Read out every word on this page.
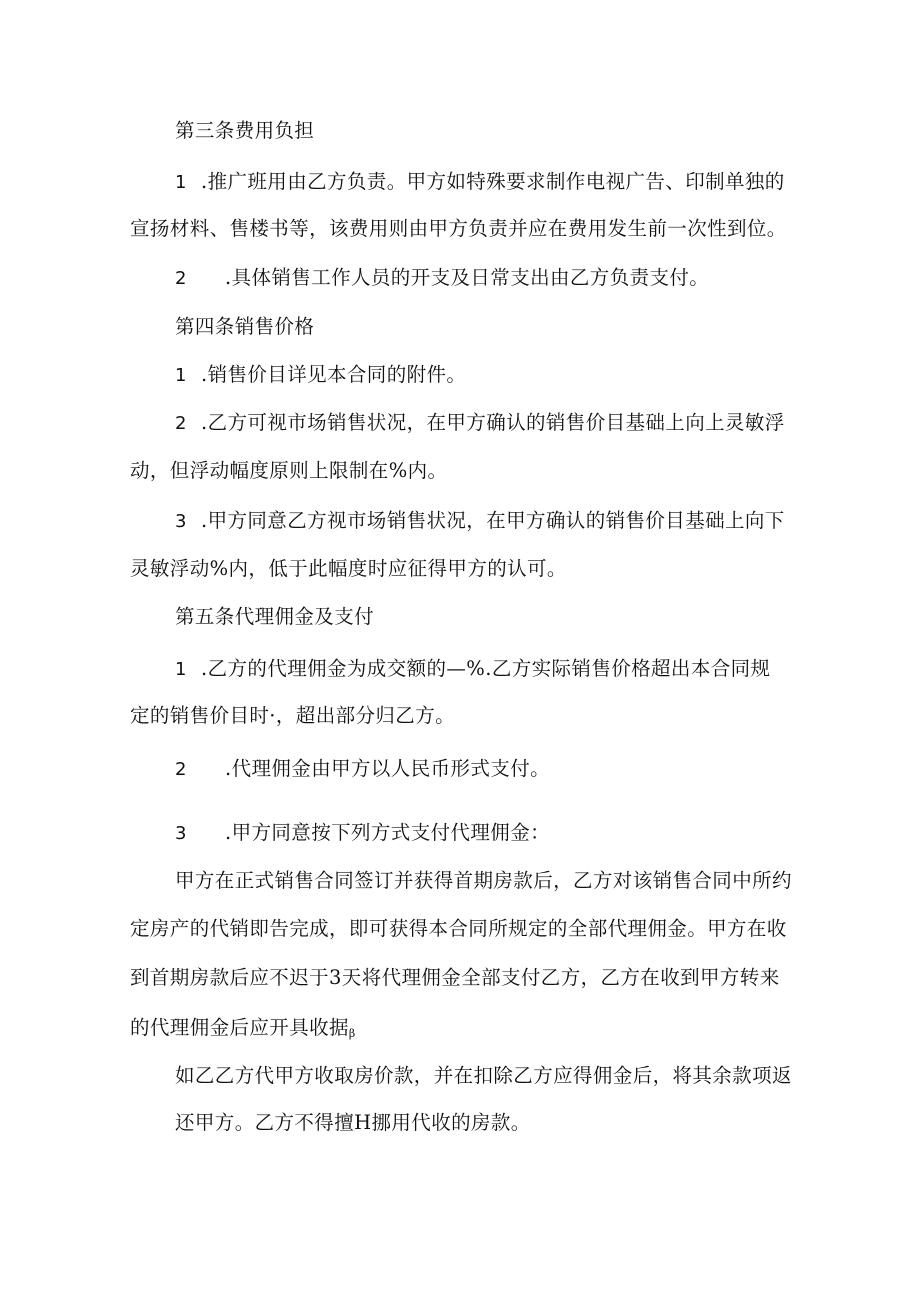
第三条费用负担
1 .推广班用由乙方负责。甲方如特殊要求制作电视广告、印制单独的
宣扬材料、售楼书等，该费用则由甲方负责并应在费用发生前一次性到位。
2 .具体销售工作人员的开支及日常支出由乙方负责支付。
第四条销售价格
1 .销售价目详见本合同的附件。
2 .乙方可视市场销售状况，在甲方确认的销售价目基础上向上灵敏浮
动，但浮动幅度原则上限制在%内。
3 .甲方同意乙方视市场销售状况，在甲方确认的销售价目基础上向下
灵敏浮动%内，低于此幅度时应征得甲方的认可。
第五条代理佣金及支付
1 .乙方的代理佣金为成交额的—%.乙方实际销售价格超出本合同规
定的销售价目时·，超出部分归乙方。
2 .代理佣金由甲方以人民币形式支付。
3 .甲方同意按下列方式支付代理佣金：
甲方在正式销售合同签订并获得首期房款后，乙方对该销售合同中所约
定房产的代销即告完成，即可获得本合同所规定的全部代理佣金。甲方在收
到首期房款后应不迟于3天将代理佣金全部支付乙方，乙方在收到甲方转来
的代理佣金后应开具收据$_\beta$
如乙乙方代甲方收取房价款，并在扣除乙方应得佣金后，将其余款项返
还甲方。乙方不得擅H挪用代收的房款。
